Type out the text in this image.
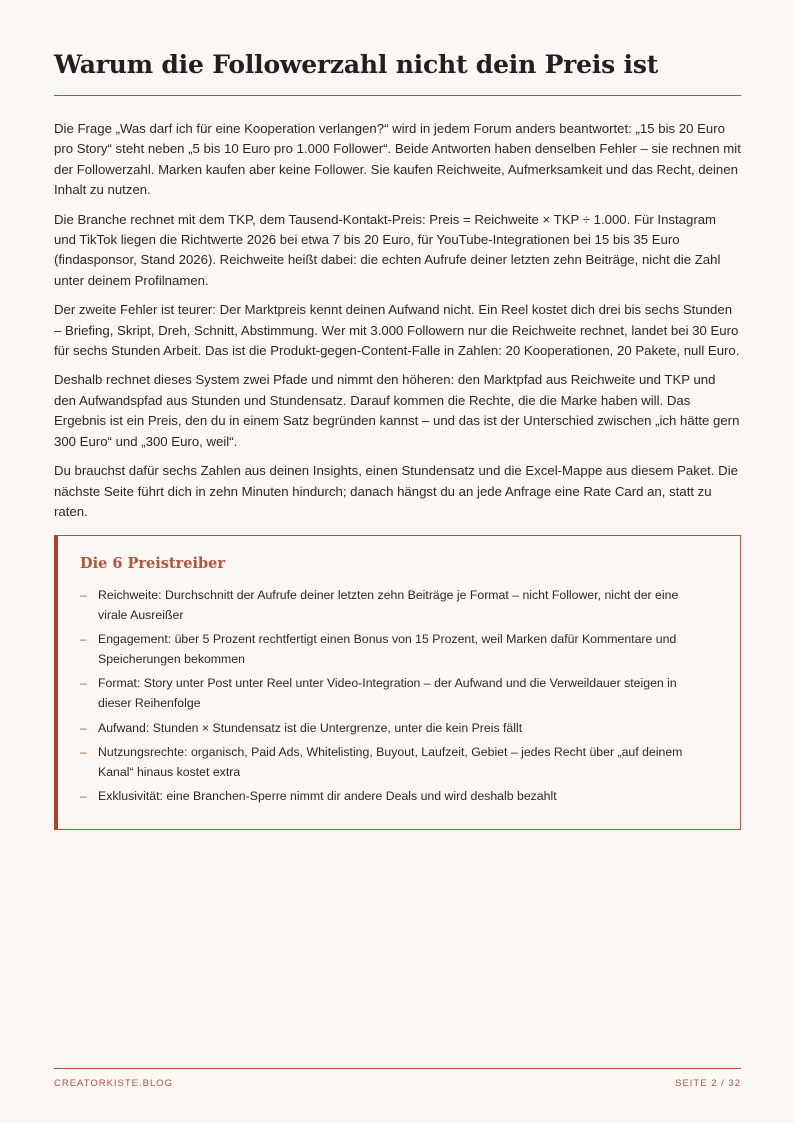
Warum die Followerzahl nicht dein Preis ist

Die Frage „Was darf ich für eine Kooperation verlangen?“ wird in jedem Forum anders beantwortet: „15 bis 20 Euro pro Story“ steht neben „5 bis 10 Euro pro 1.000 Follower“. Beide Antworten haben denselben Fehler – sie rechnen mit der Followerzahl. Marken kaufen aber keine Follower. Sie kaufen Reichweite, Aufmerksamkeit und das Recht, deinen Inhalt zu nutzen.

Die Branche rechnet mit dem TKP, dem Tausend-Kontakt-Preis: Preis = Reichweite × TKP ÷ 1.000. Für Instagram und TikTok liegen die Richtwerte 2026 bei etwa 7 bis 20 Euro, für YouTube-Integrationen bei 15 bis 35 Euro (findasponsor, Stand 2026). Reichweite heißt dabei: die echten Aufrufe deiner letzten zehn Beiträge, nicht die Zahl unter deinem Profilnamen.

Der zweite Fehler ist teurer: Der Marktpreis kennt deinen Aufwand nicht. Ein Reel kostet dich drei bis sechs Stunden – Briefing, Skript, Dreh, Schnitt, Abstimmung. Wer mit 3.000 Followern nur die Reichweite rechnet, landet bei 30 Euro für sechs Stunden Arbeit. Das ist die Produkt-gegen-Content-Falle in Zahlen: 20 Kooperationen, 20 Pakete, null Euro.

Deshalb rechnet dieses System zwei Pfade und nimmt den höheren: den Marktpfad aus Reichweite und TKP und den Aufwandspfad aus Stunden und Stundensatz. Darauf kommen die Rechte, die die Marke haben will. Das Ergebnis ist ein Preis, den du in einem Satz begründen kannst – und das ist der Unterschied zwischen „ich hätte gern 300 Euro“ und „300 Euro, weil“.

Du brauchst dafür sechs Zahlen aus deinen Insights, einen Stundensatz und die Excel-Mappe aus diesem Paket. Die nächste Seite führt dich in zehn Minuten hindurch; danach hängst du an jede Anfrage eine Rate Card an, statt zu raten.

Die 6 Preistreiber
– Reichweite: Durchschnitt der Aufrufe deiner letzten zehn Beiträge je Format – nicht Follower, nicht der eine virale Ausreißer
– Engagement: über 5 Prozent rechtfertigt einen Bonus von 15 Prozent, weil Marken dafür Kommentare und Speicherungen bekommen
– Format: Story unter Post unter Reel unter Video-Integration – der Aufwand und die Verweildauer steigen in dieser Reihenfolge
– Aufwand: Stunden × Stundensatz ist die Untergrenze, unter die kein Preis fällt
– Nutzungsrechte: organisch, Paid Ads, Whitelisting, Buyout, Laufzeit, Gebiet – jedes Recht über „auf deinem Kanal“ hinaus kostet extra
– Exklusivität: eine Branchen-Sperre nimmt dir andere Deals und wird deshalb bezahlt
CREATORKISTE.BLOG	SEITE 2 / 32
